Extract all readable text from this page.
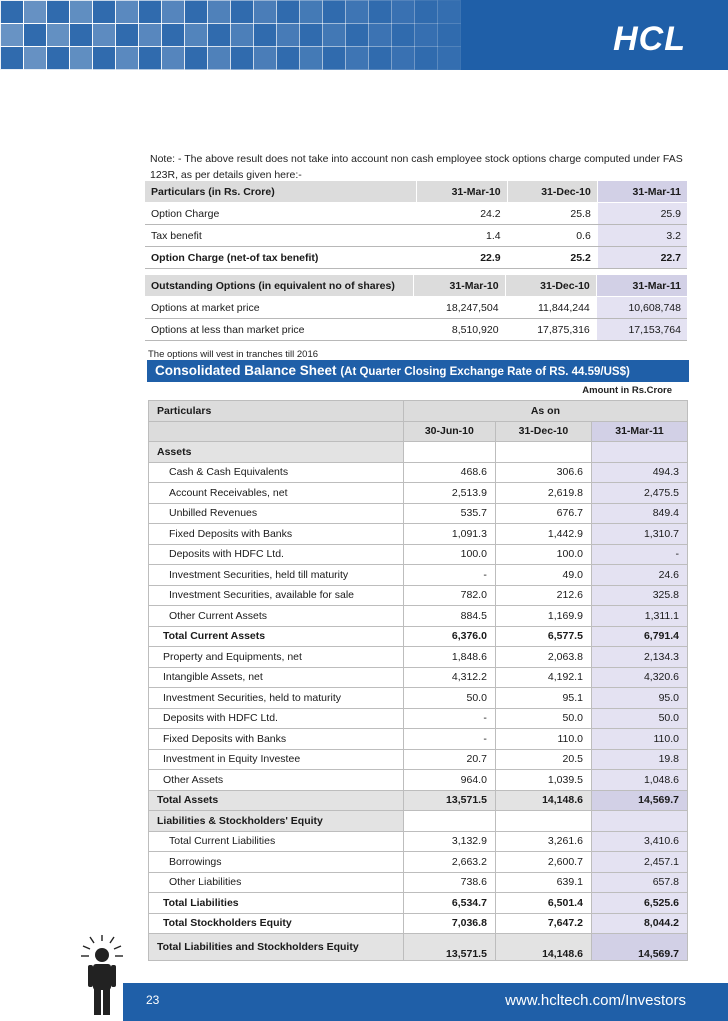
HCL
Note: - The above result does not take into account non cash employee stock options charge computed under FAS 123R, as per details given here:-
Particulars (in Rs. Crore)	31-Mar-10	31-Dec-10	31-Mar-11
Option Charge	24.2	25.8	25.9
Tax benefit	1.4	0.6	3.2
Option Charge (net-of tax benefit)	22.9	25.2	22.7
Outstanding Options (in equivalent no of shares)	31-Mar-10	31-Dec-10	31-Mar-11
Options at market price	18,247,504	11,844,244	10,608,748
Options at less than market price	8,510,920	17,875,316	17,153,764
The options will vest in tranches till 2016
Consolidated Balance Sheet (At Quarter Closing Exchange Rate of RS. 44.59/US$)
Amount in Rs.Crore
Particulars	As on		
	30-Jun-10	31-Dec-10	31-Mar-11
Assets			
Cash & Cash Equivalents	468.6	306.6	494.3
Account Receivables, net	2,513.9	2,619.8	2,475.5
Unbilled Revenues	535.7	676.7	849.4
Fixed Deposits with Banks	1,091.3	1,442.9	1,310.7
Deposits with HDFC Ltd.	100.0	100.0	-
Investment Securities, held till maturity	-	49.0	24.6
Investment Securities, available for sale	782.0	212.6	325.8
Other Current Assets	884.5	1,169.9	1,311.1
Total Current Assets	6,376.0	6,577.5	6,791.4
Property and Equipments, net	1,848.6	2,063.8	2,134.3
Intangible Assets, net	4,312.2	4,192.1	4,320.6
Investment Securities, held to maturity	50.0	95.1	95.0
Deposits with HDFC Ltd.	-	50.0	50.0
Fixed Deposits with Banks	-	110.0	110.0
Investment in Equity Investee	20.7	20.5	19.8
Other Assets	964.0	1,039.5	1,048.6
Total Assets	13,571.5	14,148.6	14,569.7
Liabilities & Stockholders' Equity			
Total Current Liabilities	3,132.9	3,261.6	3,410.6
Borrowings	2,663.2	2,600.7	2,457.1
Other Liabilities	738.6	639.1	657.8
Total Liabilities	6,534.7	6,501.4	6,525.6
Total Stockholders Equity	7,036.8	7,647.2	8,044.2
Total Liabilities and Stockholders Equity	13,571.5	14,148.6	14,569.7
23	www.hcltech.com/Investors
